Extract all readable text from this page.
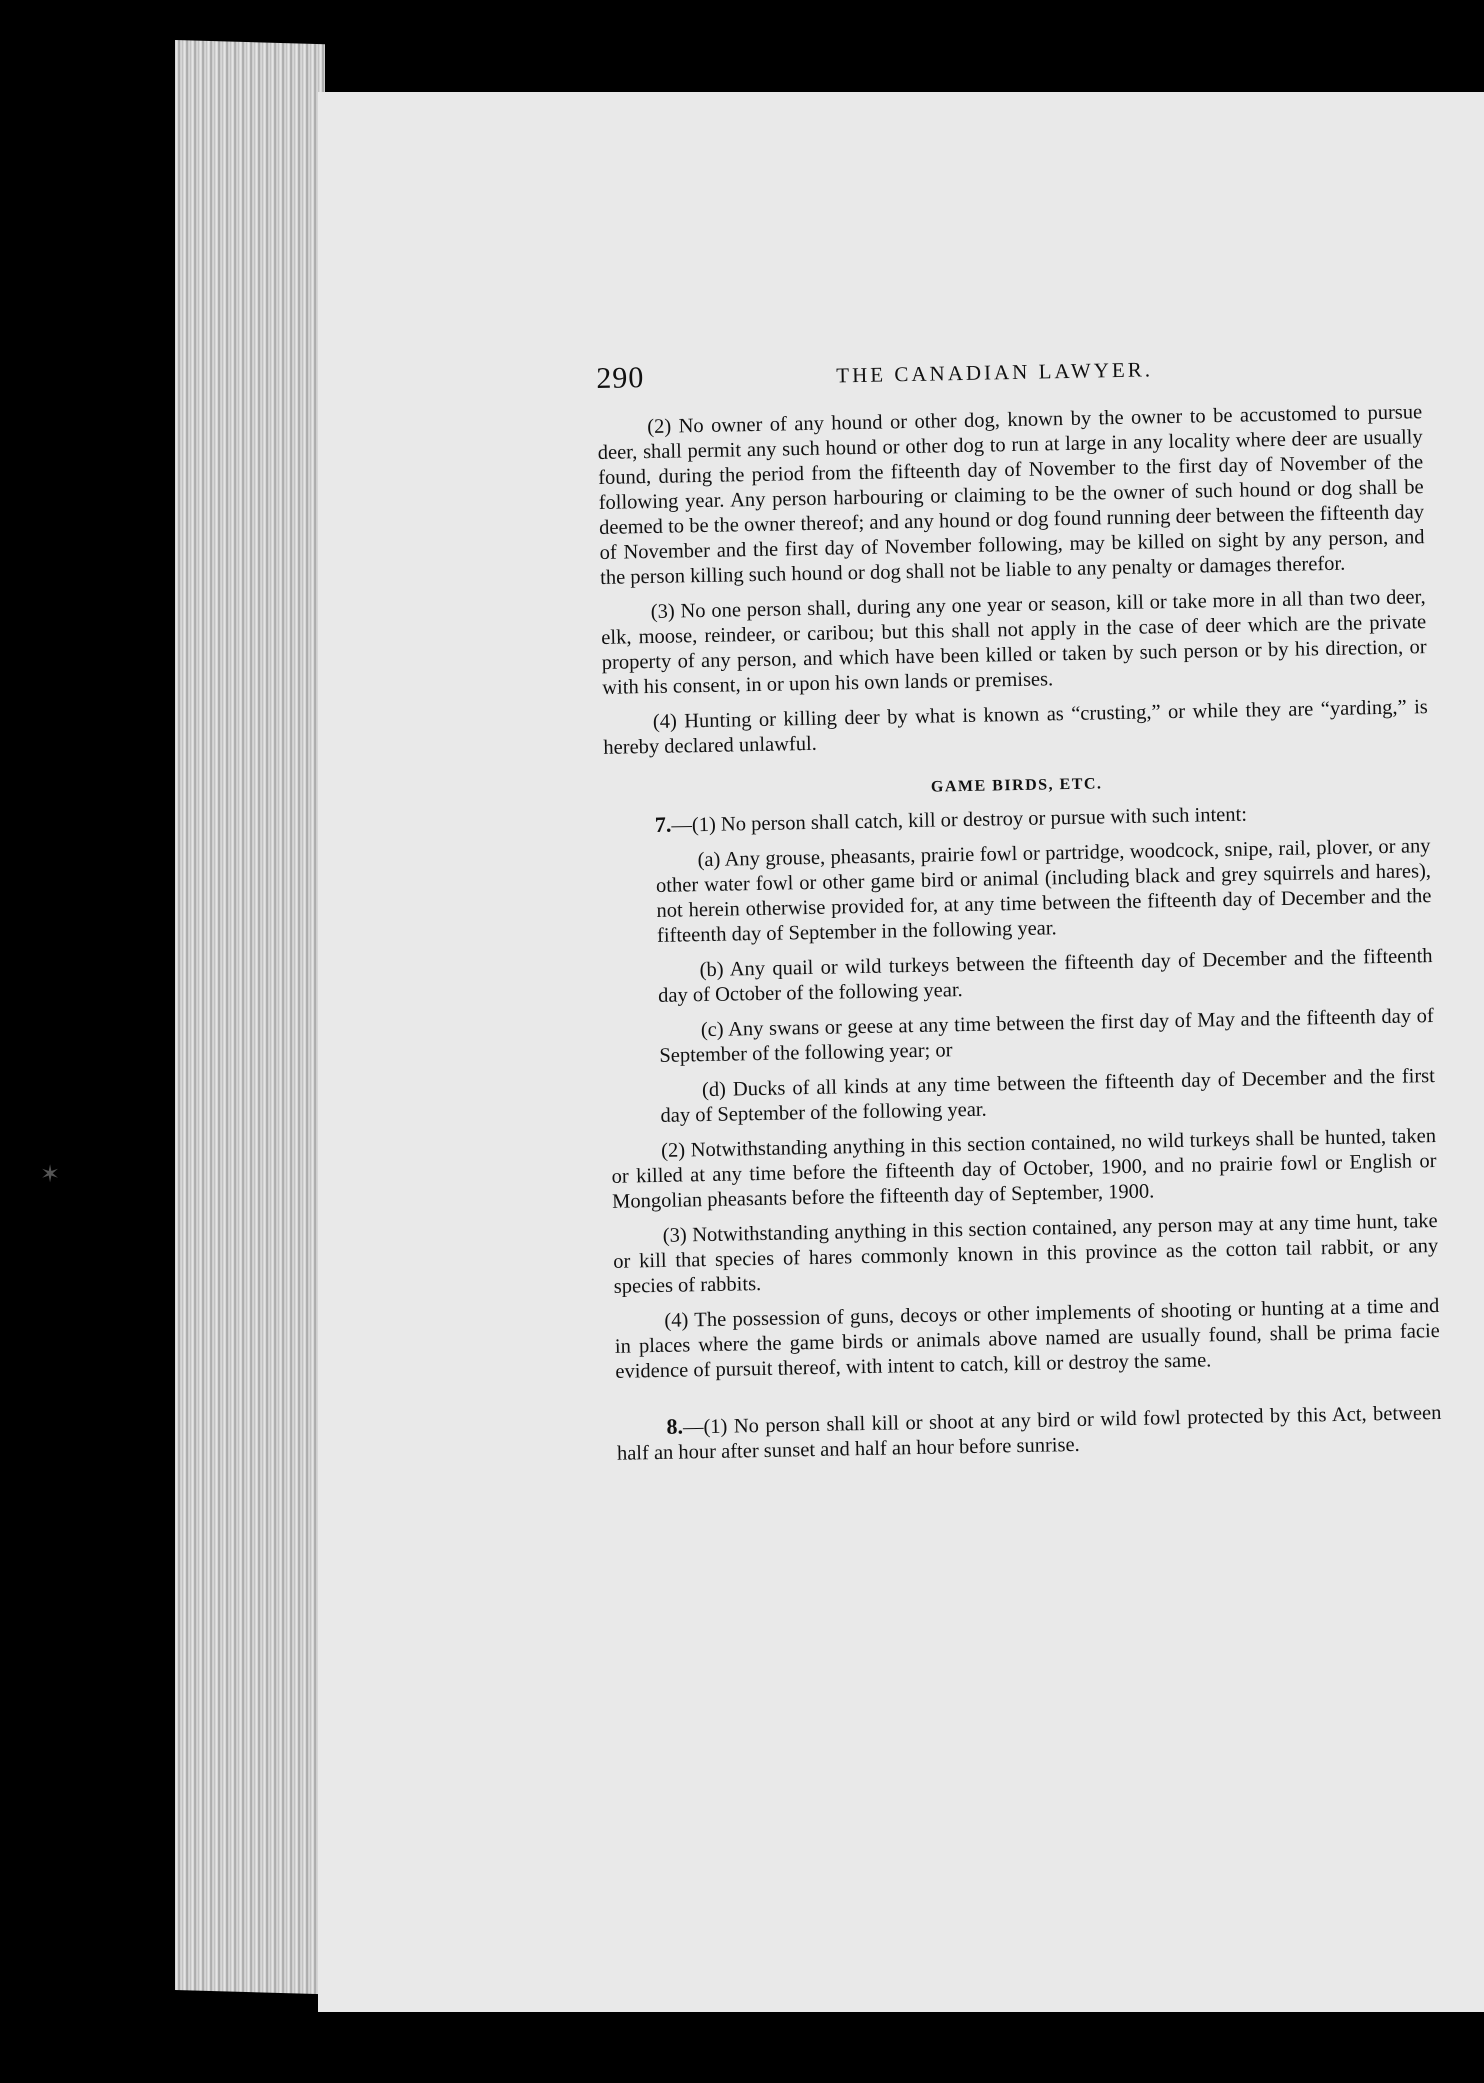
290	THE CANADIAN LAWYER.

(2) No owner of any hound or other dog, known by the owner to be accustomed to pursue deer, shall permit any such hound or other dog to run at large in any locality where deer are usually found, during the period from the fifteenth day of November to the first day of November of the following year. Any person harbouring or claiming to be the owner of such hound or dog shall be deemed to be the owner thereof; and any hound or dog found running deer between the fifteenth day of November and the first day of November following, may be killed on sight by any person, and the person killing such hound or dog shall not be liable to any penalty or damages therefor.

(3) No one person shall, during any one year or season, kill or take more in all than two deer, elk, moose, reindeer, or caribou; but this shall not apply in the case of deer which are the private property of any person, and which have been killed or taken by such person or by his direction, or with his consent, in or upon his own lands or premises.

(4) Hunting or killing deer by what is known as “crusting,” or while they are “yarding,” is hereby declared unlawful.

GAME BIRDS, ETC.

7.—(1) No person shall catch, kill or destroy or pursue with such intent:

(a) Any grouse, pheasants, prairie fowl or partridge, woodcock, snipe, rail, plover, or any other water fowl or other game bird or animal (including black and grey squirrels and hares), not herein otherwise provided for, at any time between the fifteenth day of December and the fifteenth day of September in the following year.

(b) Any quail or wild turkeys between the fifteenth day of December and the fifteenth day of October of the following year.

(c) Any swans or geese at any time between the first day of May and the fifteenth day of September of the following year; or

(d) Ducks of all kinds at any time between the fifteenth day of December and the first day of September of the following year.

(2) Notwithstanding anything in this section contained, no wild turkeys shall be hunted, taken or killed at any time before the fifteenth day of October, 1900, and no prairie fowl or English or Mongolian pheasants before the fifteenth day of September, 1900.

(3) Notwithstanding anything in this section contained, any person may at any time hunt, take or kill that species of hares commonly known in this province as the cotton tail rabbit, or any species of rabbits.

(4) The possession of guns, decoys or other implements of shooting or hunting at a time and in places where the game birds or animals above named are usually found, shall be prima facie evidence of pursuit thereof, with intent to catch, kill or destroy the same.

8.—(1) No person shall kill or shoot at any bird or wild fowl protected by this Act, between half an hour after sunset and half an hour before sunrise.

✶
